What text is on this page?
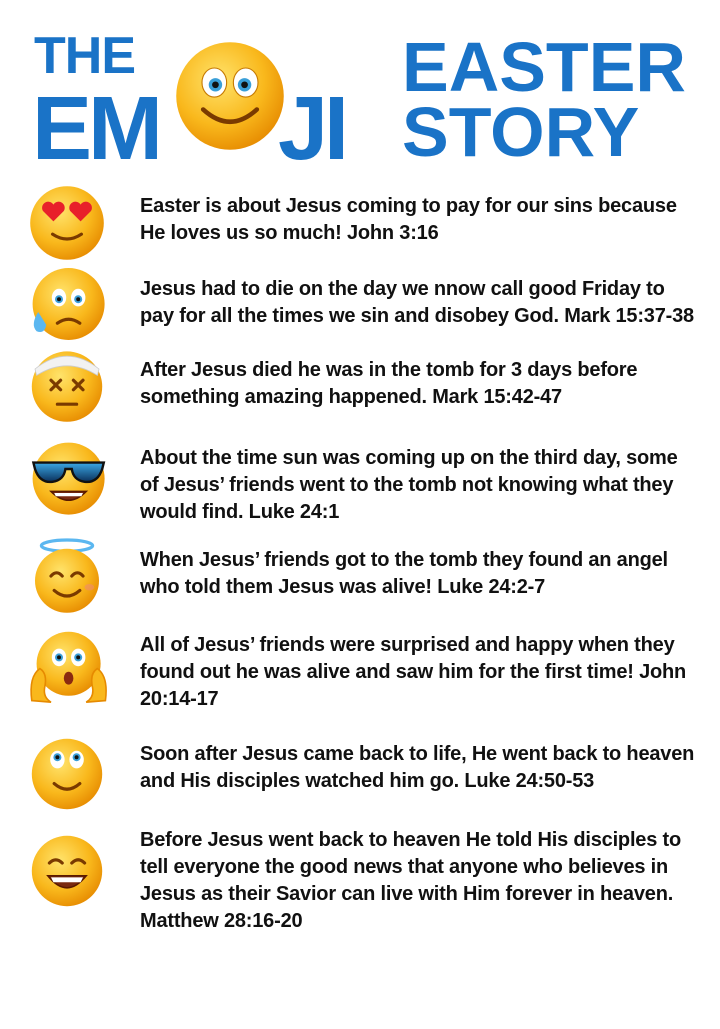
THE
EM JI
EASTER
STORY
Easter is about Jesus coming to pay for our sins because He loves us so much! John 3:16
Jesus had to die on the day we nnow call good Friday to pay for all the times we sin and disobey God. Mark 15:37-38
After Jesus died he was in the tomb for 3 days before something amazing happened. Mark 15:42-47
About the time sun was coming up on the third day, some of Jesus’ friends went to the tomb not knowing what they would find. Luke 24:1
When Jesus’ friends got to the tomb they found an angel who told them Jesus was alive! Luke 24:2-7
All of Jesus’ friends were surprised and happy when they found out he was alive and saw him for the first time! John 20:14-17
Soon after Jesus came back to life, He went back to heaven and His disciples watched him go. Luke 24:50-53
Before Jesus went back to heaven He told His disciples to tell everyone the good news that anyone who believes in Jesus as their Savior can live with Him forever in heaven. Matthew 28:16-20
